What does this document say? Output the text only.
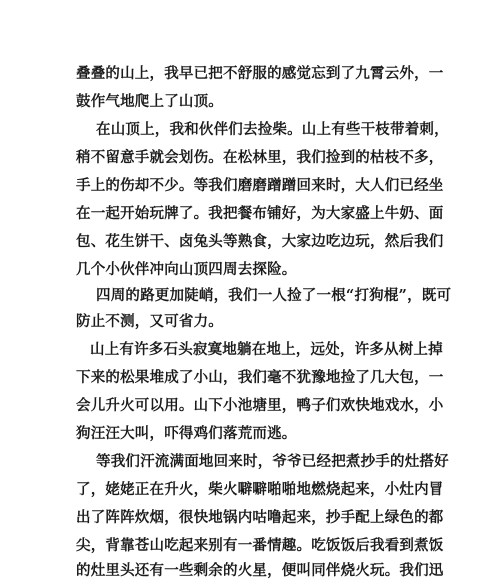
叠叠的山上，我早已把不舒服的感觉忘到了九霄云外，一
鼓作气地爬上了山顶。
在山顶上，我和伙伴们去捡柴。山上有些干枝带着刺，
稍不留意手就会划伤。在松林里，我们捡到的枯枝不多，
手上的伤却不少。等我们磨磨蹭蹭回来时，大人们已经坐
在一起开始玩牌了。我把餐布铺好，为大家盛上牛奶、面
包、花生饼干、卤兔头等熟食，大家边吃边玩，然后我们
几个小伙伴冲向山顶四周去探险。
四周的路更加陡峭，我们一人捡了一根“打狗棍”，既可
防止不测，又可省力。
山上有许多石头寂寞地躺在地上，远处，许多从树上掉
下来的松果堆成了小山，我们毫不犹豫地捡了几大包，一
会儿升火可以用。山下小池塘里，鸭子们欢快地戏水，小
狗汪汪大叫，吓得鸡们落荒而逃。
等我们汗流满面地回来时，爷爷已经把煮抄手的灶搭好
了，姥姥正在升火，柴火噼噼啪啪地燃烧起来，小灶内冒
出了阵阵炊烟，很快地锅内咕噜起来，抄手配上绿色的都
尖，背靠苍山吃起来别有一番情趣。吃饭饭后我看到煮饭
的灶里头还有一些剩余的火星，便叫同伴烧火玩。我们迅
